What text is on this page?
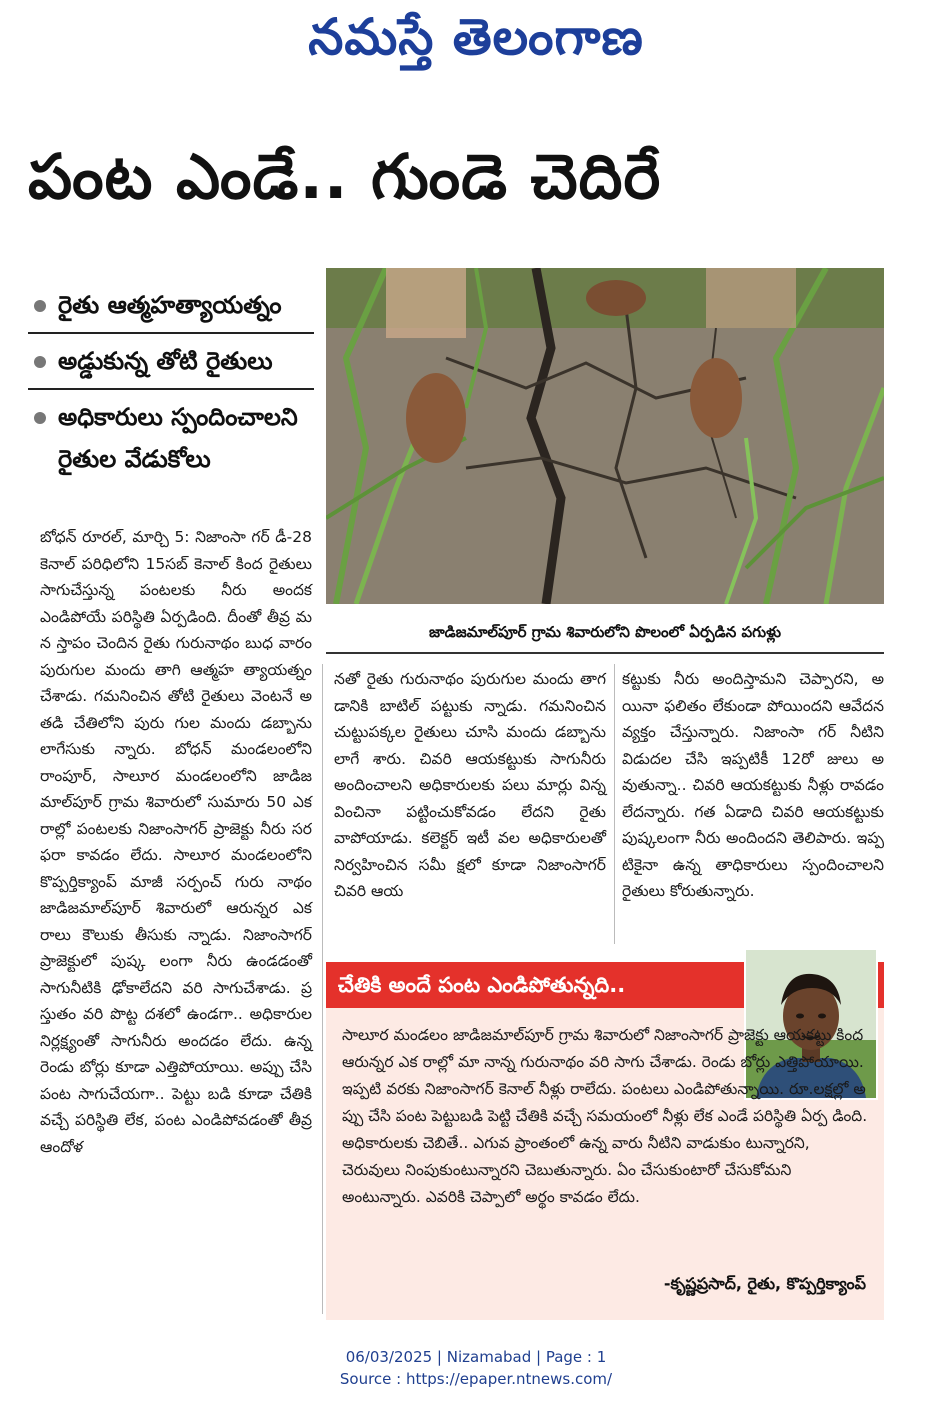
నమస్తే తెలంగాణ
పంట ఎండే.. గుండె చెదిరే
రైతు ఆత్మహత్యాయత్నం
అడ్డుకున్న తోటి రైతులు
అధికారులు స్పందించాలని రైతుల వేడుకోలు
జాడిజమాల్‌పూర్ గ్రామ శివారులోని పొలంలో ఏర్పడిన పగుళ్లు
బోధన్ రూరల్, మార్చి 5: నిజాంసా గర్ డీ-28కెనాల్ పరిధిలోని 15సబ్ కెనాల్ కింద రైతులు సాగుచేస్తున్న పంటలకు నీరు అందక ఎండిపోయే పరిస్థితి ఏర్పడింది. దీంతో తీవ్ర మన స్తాపం చెందిన రైతు గురునాథం బుధ వారం పురుగుల మందు తాగి ఆత్మహ త్యాయత్నం చేశాడు. గమనించిన తోటి రైతులు వెంటనే అతడి చేతిలోని పురు గుల మందు డబ్బాను లాగేసుకు న్నారు. బోధన్ మండలంలోని రాంపూర్, సాలూర మండలంలోని జాడిజమాల్‌పూర్ గ్రామ శివారులో సుమారు 50 ఎకరాల్లో పంటలకు నిజాంసాగర్ ప్రాజెక్టు నీరు సరఫరా కావడం లేదు. సాలూర మండలంలోని కొప్పర్తిక్యాంప్ మాజీ సర్పంచ్ గురు నాథం జాడిజమాల్‌పూర్ శివారులో ఆరున్నర ఎకరాలు కౌలుకు తీసుకు న్నాడు. నిజాంసాగర్ ప్రాజెక్టులో పుష్క లంగా నీరు ఉండడంతో సాగునీటికి ఢోకాలేదని వరి సాగుచేశాడు. ప్రస్తుతం వరి పొట్ట దశలో ఉండగా.. అధికారుల నిర్లక్ష్యంతో సాగునీరు అందడం లేదు. ఉన్న రెండు బోర్లు కూడా ఎత్తిపోయాయి. అప్పు చేసి పంట సాగుచేయగా.. పెట్టు బడి కూడా చేతికి వచ్చే పరిస్థితి లేక, పంట ఎండిపోవడంతో తీవ్ర ఆందోళ
నతో రైతు గురునాథం పురుగుల మందు తాగడానికి బాటిల్ పట్టుకు న్నాడు. గమనించిన చుట్టుపక్కల రైతులు చూసి మందు డబ్బాను లాగే శారు. చివరి ఆయకట్టుకు సాగునీరు అందించాలని అధికారులకు పలు మార్లు విన్నవించినా పట్టించుకోవడం లేదని రైతు వాపోయాడు. కలెక్టర్ ఇటీ వల అధికారులతో నిర్వహించిన సమీ క్షలో కూడా నిజాంసాగర్ చివరి ఆయ
కట్టుకు నీరు అందిస్తామని చెప్పారని, అయినా ఫలితం లేకుండా పోయిందని ఆవేదన వ్యక్తం చేస్తున్నారు. నిజాంసా గర్ నీటిని విడుదల చేసి ఇప్పటికీ 12రో జులు అవుతున్నా.. చివరి ఆయకట్టుకు నీళ్లు రావడం లేదన్నారు. గత ఏడాది చివరి ఆయకట్టుకు పుష్కలంగా నీరు అందిందని తెలిపారు. ఇప్పటికైనా ఉన్న తాధికారులు స్పందించాలని రైతులు కోరుతున్నారు.
చేతికి అందే పంట ఎండిపోతున్నది..
సాలూర మండలం జాడిజమాల్‌పూర్ గ్రామ శివారులో నిజాంసాగర్ ప్రాజెక్టు ఆయకట్టు కింద ఆరున్నర ఎక రాల్లో మా నాన్న గురునాథం వరి సాగు చేశాడు. రెండు బోర్లు ఎత్తిపోయాయి. ఇప్పటి వరకు నిజాంసాగర్ కెనాల్ నీళ్లు రాలేదు. పంటలు ఎండిపోతున్నాయి. రూ.లక్షల్లో అప్పు చేసి పంట పెట్టుబడి పెట్టి చేతికి వచ్చే సమయంలో నీళ్లు లేక ఎండే పరిస్థితి ఏర్ప డింది. అధికారులకు చెబితే.. ఎగువ ప్రాంతంలో ఉన్న వారు నీటిని వాడుకుం టున్నారని, చెరువులు నింపుకుంటున్నారని చెబుతున్నారు. ఏం చేసుకుంటారో చేసుకోమని అంటున్నారు. ఎవరికి చెప్పాలో అర్థం కావడం లేదు.
-కృష్ణప్రసాద్, రైతు, కొప్పర్తిక్యాంప్
06/03/2025 | Nizamabad | Page : 1
Source : https://epaper.ntnews.com/
